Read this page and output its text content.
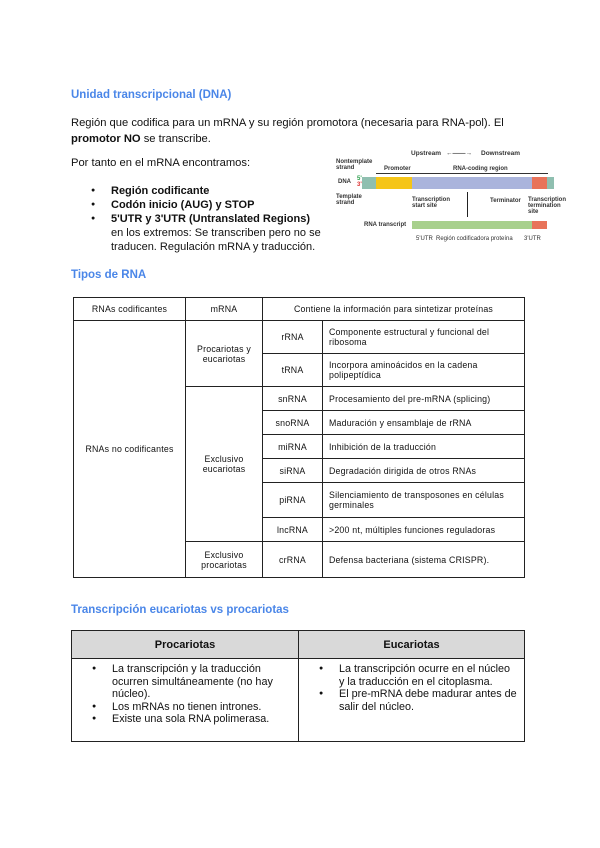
Unidad transcripcional (DNA)
Región que codifica para un mRNA y su región promotora (necesaria para RNA-pol). El
promotor NO se transcribe.
Por tanto en el mRNA encontramos:
● Región codificante
● Codón inicio (AUG) y STOP
● 5'UTR y 3'UTR (Untranslated Regions)
en los extremos: Se transcriben pero no se traducen. Regulación mRNA y traducción.
Upstream ←——→ Downstream
Nontemplate strand	Promoter	RNA-coding region
DNA 5'
3'
Template strand	Transcription start site
Terminator Transcription termination site
RNA transcript
5'UTR Región codificadora proteína 3'UTR
Tipos de RNA
RNAs codificantes	mRNA	Contiene la información para sintetizar proteínas	
RNAs no codificantes	Procariotas y eucariotas	rRNA	Componente estructural y funcional del ribosoma
		tRNA	Incorpora aminoácidos en la cadena polipeptídica
	Exclusivo eucariotas	snRNA	Procesamiento del pre-mRNA (splicing)
		snoRNA	Maduración y ensamblaje de rRNA
		miRNA	Inhibición de la traducción
		siRNA	Degradación dirigida de otros RNAs
		piRNA	Silenciamiento de transposones en células germinales
		lncRNA	>200 nt, múltiples funciones reguladoras
	Exclusivo procariotas	crRNA	Defensa bacteriana (sistema CRISPR).
Transcripción eucariotas vs procariotas
Procariotas	Eucariotas

● La transcripción y la traducción ocurren simultáneamente (no hay núcleo).
● Los mRNAs no tienen intrones.
● Existe una sola RNA polimerasa.

● La transcripción ocurre en el núcleo y la traducción en el citoplasma.
● El pre-mRNA debe madurar antes de salir del núcleo.
